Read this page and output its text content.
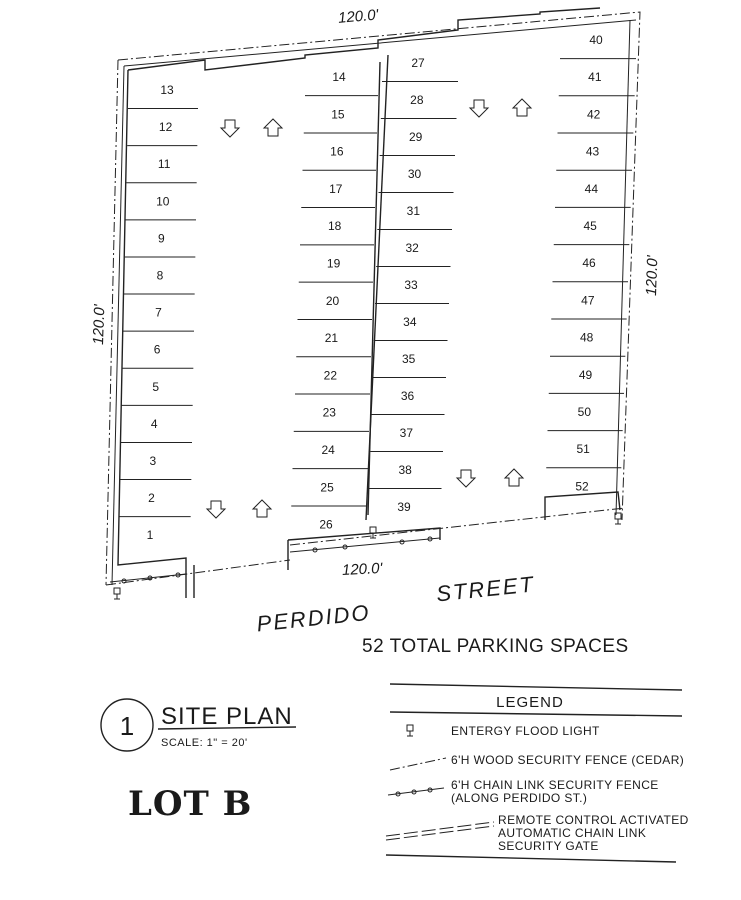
13
12
11
10
9
8
7
6
5
4
3
2
1
14
15
16
17
18
19
20
21
22
23
24
25
26
27
28
29
30
31
32
33
34
35
36
37
38
39
40
41
42
43
44
45
46
47
48
49
50
51
52
120.0'
120.0'
120.0'
120.0'
PERDIDO
STREET
52 TOTAL PARKING SPACES
1 SITE PLAN
SCALE: 1" = 20'
LOT B
LEGEND
ENTERGY FLOOD LIGHT
6'H WOOD SECURITY FENCE (CEDAR)
6'H CHAIN LINK SECURITY FENCE
(ALONG PERDIDO ST.)
REMOTE CONTROL ACTIVATED
AUTOMATIC CHAIN LINK
SECURITY GATE
